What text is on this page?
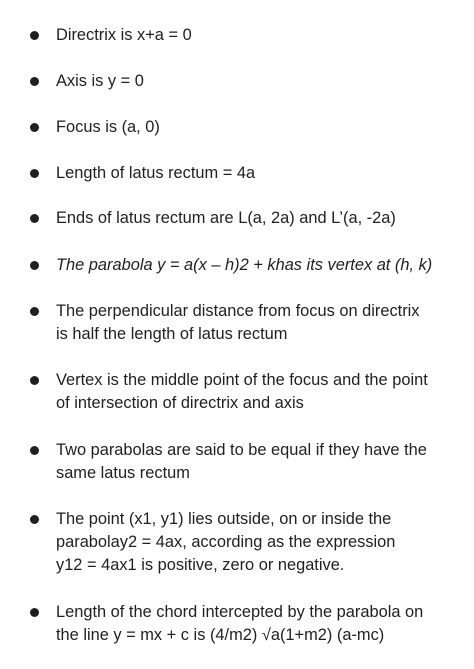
Directrix is x+a = 0
Axis is y = 0
Focus is (a, 0)
Length of latus rectum = 4a
Ends of latus rectum are L(a, 2a) and L’(a, -2a)
The parabola y = a(x – h)2 + khas its vertex at (h, k)
The perpendicular distance from focus on directrix
is half the length of latus rectum
Vertex is the middle point of the focus and the point
of intersection of directrix and axis
Two parabolas are said to be equal if they have the
same latus rectum
The point (x1, y1) lies outside, on or inside the
parabolay2 = 4ax, according as the expression
y12 = 4ax1 is positive, zero or negative.
Length of the chord intercepted by the parabola on
the line y = mx + c is (4/m2) √a(1+m2) (a-mc)
